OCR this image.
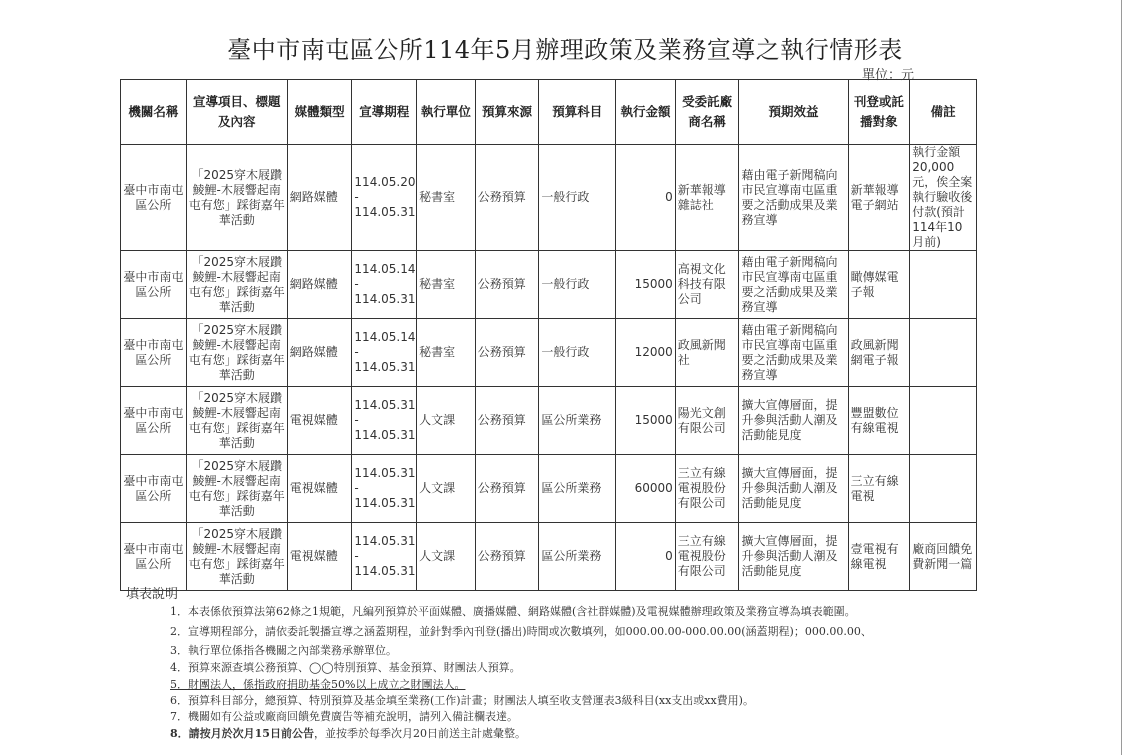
臺中市南屯區公所114年5月辦理政策及業務宣導之執行情形表
單位：元
機關名稱	宣導項目、標題及內容	媒體類型	宣導期程	執行單位	預算來源	預算科目	執行金額	受委託廠商名稱	預期效益	刊登或託播對象	備註
臺中市南屯區公所	「2025穿木屐躦鯪鯉-木屐響起南屯有您」踩街嘉年華活動	網路媒體	114.05.20
-
114.05.31	秘書室	公務預算	一般行政	0	新華報導雜誌社	藉由電子新聞稿向市民宣導南屯區重要之活動成果及業務宣導	新華報導電子網站	執行金額20,000元，俟全案執行驗收後付款(預計114年10月前)
臺中市南屯區公所	「2025穿木屐躦鯪鯉-木屐響起南屯有您」踩街嘉年華活動	網路媒體	114.05.14
-
114.05.31	秘書室	公務預算	一般行政	15000	高視文化科技有限公司	藉由電子新聞稿向市民宣導南屯區重要之活動成果及業務宣導	瞰傳媒電子報	
臺中市南屯區公所	「2025穿木屐躦鯪鯉-木屐響起南屯有您」踩街嘉年華活動	網路媒體	114.05.14
-
114.05.31	秘書室	公務預算	一般行政	12000	政風新聞社	藉由電子新聞稿向市民宣導南屯區重要之活動成果及業務宣導	政風新聞網電子報	
臺中市南屯區公所	「2025穿木屐躦鯪鯉-木屐響起南屯有您」踩街嘉年華活動	電視媒體	114.05.31
-
114.05.31	人文課	公務預算	區公所業務	15000	陽光文創有限公司	擴大宣傳層面，提升參與活動人潮及活動能見度	豐盟數位有線電視	
臺中市南屯區公所	「2025穿木屐躦鯪鯉-木屐響起南屯有您」踩街嘉年華活動	電視媒體	114.05.31
-
114.05.31	人文課	公務預算	區公所業務	60000	三立有線電視股份有限公司	擴大宣傳層面，提升參與活動人潮及活動能見度	三立有線電視	
臺中市南屯區公所	「2025穿木屐躦鯪鯉-木屐響起南屯有您」踩街嘉年華活動	電視媒體	114.05.31
-
114.05.31	人文課	公務預算	區公所業務	0	三立有線電視股份有限公司	擴大宣傳層面，提升參與活動人潮及活動能見度	壹電視有線電視	廠商回饋免費新聞一篇
填表說明
1．本表係依預算法第62條之1規範，凡編列預算於平面媒體、廣播媒體、網路媒體(含社群媒體)及電視媒體辦理政策及業務宣導為填表範圍。
2．宣導期程部分，請依委託製播宣導之涵蓋期程，並針對季內刊登(播出)時間或次數填列，如000.00.00-000.00.00(涵蓋期程)；000.00.00、
3．執行單位係指各機關之內部業務承辦單位。
4．預算來源查填公務預算、◯◯特別預算、基金預算、財團法人預算。
5．財團法人，係指政府捐助基金50%以上成立之財團法人。
6．預算科目部分，總預算、特別預算及基金填至業務(工作)計畫；財團法人填至收支營運表3級科目(xx支出或xx費用)。
7．機關如有公益或廠商回饋免費廣告等補充說明，請列入備註欄表達。
8．請按月於次月15日前公告，並按季於每季次月20日前送主計處彙整。
